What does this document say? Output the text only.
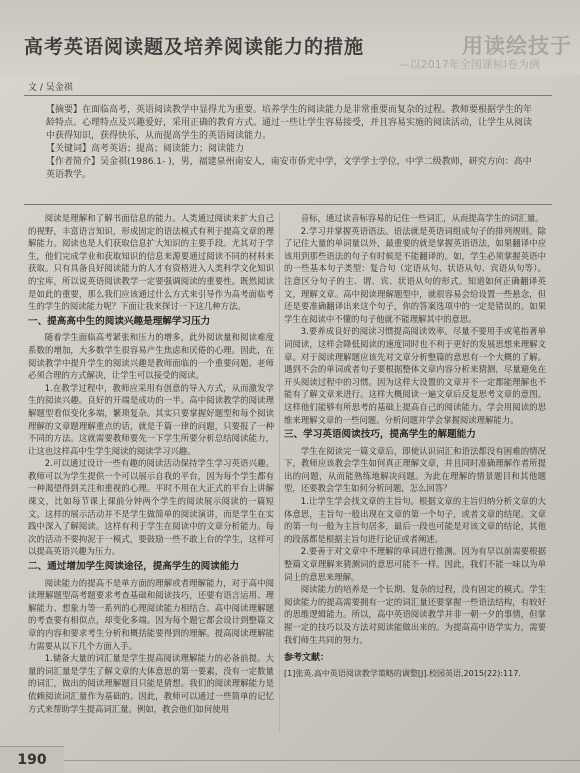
用读绘技于
—以2017年全国课标Ⅰ卷为例
高考英语阅读题及培养阅读能力的措施
文 / 吴金祺

【摘要】在面临高考，英语阅读教学中显得尤为重要。培养学生的阅读能力是非常重要而复杂的过程。教师要根据学生的年龄特点、心理特点及兴趣爱好，采用正确的教育方式。通过一些让学生容易接受，并且容易实施的阅读活动，让学生从阅读中获得知识，获得快乐，从而提高学生的英语阅读能力。

【关键词】高考英语；提高；阅读能力；阅读能力

【作者简介】吴金祺(1986.1- )，男，福建泉州南安人，南安市侨光中学，文学学士学位，中学二级教师，研究方向：高中英语教学。

阅读是理解和了解书面信息的能力。人类通过阅读来扩大自己的视野，丰富语言知识，形成固定的语法模式有利于提高文章的理解能力。阅读也是人们获取信息扩大知识的主要手段。尤其对于学生，他们完成学业和获取知识的信息来源要通过阅读不同的材料来获取。只有具备良好阅读能力的人才有资格进入人类科学文化知识的宝库，所以说英语阅读教学一定要强调阅读的重要性。既然阅读是如此的重要，那么我们应该通过什么方式来引导作为高考面临考生的学生的阅读能力呢？下面让我来探讨一下这几种方法。

一、提高高中生的阅读兴趣是理解学习压力

随着学生面临高考紧张和压力的增多，此外阅读量和阅读难度系数的增加，大多数学生很容易产生焦虑和厌倦的心理。因此，在阅读教学中提升学生的阅读兴趣是教师面临的一个重要问题。老师必须合理的方式解决，让学生可以接受的阅读。

1.在教学过程中，教师应采用有创意的导入方式，从而激发学生的阅读兴趣。良好的开端是成功的一半。高中阅读教学的阅读理解题型看似变化多端，繁琐复杂。其实只要掌握好题型和每个阅读理解的文章题理解重点的话，就是千篇一律的问题，只要报了一种不同的方法。这就需要教师要先一下学生所要分析总结阅读能力，让这也这样高中生学生阅读的阅读学习兴趣。

2.可以通过设计一些有趣的阅读活动保持学生学习英语兴趣。教师可以为学生提供一个可以展示自我的平台，因为每个学生都有一种渴望得到关注和重视的心理。平时不用在大正式的平台上讲解课文，比如每节课上课前分钟两个学生的阅读展示阅读的一篇短文。这样的展示活动并不是学生做简单的阅读演讲，而是学生在实践中深入了解阅读。这样有利于学生在阅读中的文章分析能力。每次的活动不要拘泥于一模式，要鼓励一些不敢上台的学生，这样可以提高英语兴趣为压力。

二、通过增加学生阅读途径，提高学生的阅读能力

阅读能力的提高不是单方面的理解或者理解能力，对于高中阅读理解题型高考题要求考查基础和阅读技巧，还要有语言运用、理解能力、想象力等一系列的心理阅读能力相结合。高中阅读理解题的考查要有相似点，却变化多端。因为每个题它都会设计到整篇文章的内容和要求考生分析和概括能要得到的理解。提高阅读理解能力需要从以下几个方面入手。

1.储备大量的词汇量是学生提高阅读理解能力的必备前提。大量的词汇量是学生了解文章的大体意思的第一要素，没有一定数量的词汇，做出的阅读理解题目只能是猜想。我们的阅读理解能力是依赖阅读词汇量作为基础的。因此，教师可以通过一些简单的记忆方式来帮助学生提高词汇量。例如，教会他们如何使用

音标，通过读音标容易的记住一些词汇，从而提高学生的词汇量。

2.学习并掌握英语语法。语法就是英语词组成句子的排列规则。除了记住大量的单词量以外，最重要的就是掌握英语语法，如果翻译中应该用到那些语法的句子有时候是不能翻译的。如，学生必须掌握英语中的一些基本句子类型：复合句（定语从句、状语从句、宾语从句等）。注意区分句子的主、谓、宾、状语从句的形式。知道如何正确翻译英文，理解文章。高中阅读理解题型中，就很容易会给设置一些悬念，但还是要准确翻译出来这个句子，你的答案选项中的一定是错误的。如果学生在阅读中不懂的句子他就不能理解其中的意思。

3.要养成良好的阅读习惯提高阅读效率。尽量不要用手或笔指著单词阅读，这样会降低阅读的速度同时也不利于更好的发展思想来理解文章。对于阅读理解题应该先对文章分析整篇的意思有一个大概的了解。遇到不会的单词或者句子要根据整体文章内容分析来猜测，尽量避免在开头阅读过程中的习惯。因为这样大设置的文章并不一定都能理解也不能有了解文章来进行。这样大概阅读一遍文章后反复思考文章的意图。这样他们能够有所思考的基础上提高自己的阅读能力。学会用阅读的思维来理解文章的一些问题。分析问题并学会掌握阅读理解能力。

三、学习英语阅读技巧，提高学生的解题能力

学生在阅读完一篇文章后，即使认识词汇和语法都没有困难的情况下，教师应该教会学生如何真正理解文章，并且同时准确理解作者所提出的问题，从而能熟练地解决问题。为此在理解的情景题目和其他题型，还要教会学生如何分析问题，怎么回答？

1.让学生学会找文章的主旨句。根据文章的主旨归纳分析文章的大体意思，主旨句一般出现在文章的第一个句子，或者文章的结尾。文章的第一句一般为主旨句居多，最后一段也可能是对该文章的结论，其他的段落都是根据主旨句进行论证或者阐述。

2.要善于对文章中不理解的单词进行推测。因为有早以前需要根据整篇文章理解来猜测词的意思可能不一样。因此，我们不能一味以为单词上的意思来理解。

阅读能力的培养是一个长期、复杂的过程，没有固定的模式。学生阅读能力的提高需要拥有一定的词汇量还要掌握一些语法结构，有较好的思维逻辑能力。所以，高中英语阅读教学并非一朝一夕的事情，但掌握一定的技巧以及方法对阅读能做出来的。为提高高中语学实力，需要我们师生共同的努力。

参考文献：

[1]张英.高中英语阅读教学策略的调整[J].校园英语,2015(22):117.

190
